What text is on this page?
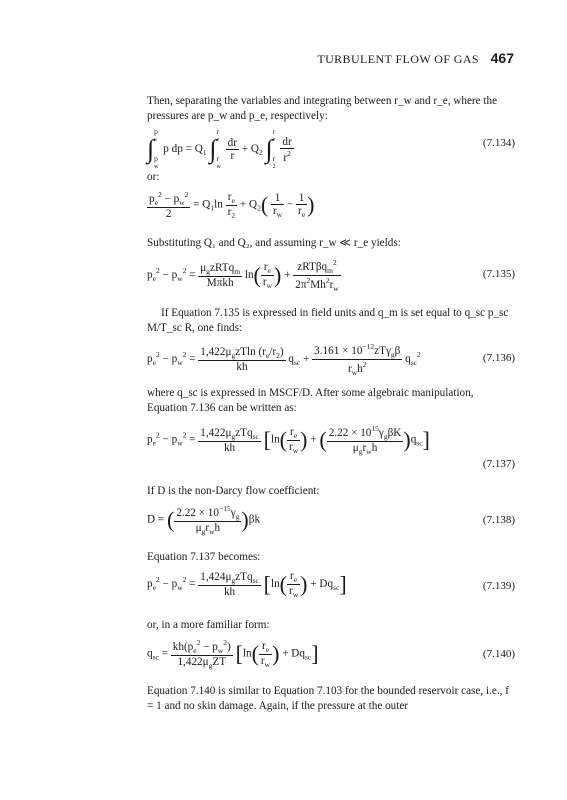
TURBULENT FLOW OF GAS 467
Then, separating the variables and integrating between r_w and r_e, where the pressures are p_w and p_e, respectively:
∫
p
e

p
w
p dp = $Q_1$ ∫
r
e

r
w

$\frac{dr}{r} + Q_2$ ∫
r
e

r
2

$\frac{dr}{r^2}$	(7.134)
or:
$\frac{p_e^2 - p_w^2}{2} = Q_1\ln \frac{r_e}{r_2} + Q_2( \frac{1}{r_w} - \frac{1}{r_e}$ )
Substituting Q₁ and Q₂, and assuming r_w ≪ r_e yields:
$p_e^2 - p_w^2 = \frac{\mu_gzRTq_m}{\text{Mπkh}} \ln( \frac{r_e}{r_w}$ ) + $\frac{zRT\beta q_m^2}{2\pi^2Mh^2r_w}$	(7.135)
If Equation 7.135 is expressed in field units and q_m is set equal to q_sc p_sc M/T_sc R, one finds:
$p_e^2 - p_w^2 = \frac{1,422\mu_gzTln (r_e/r_2)}{kh} q_{sc} + \frac{3.161 \times 10^{-12}zT\gamma_g\beta}{r_wh^2} q_{sc}^2$	(7.136)
where q_sc is expressed in MSCF/D. After some algebraic manipulation, Equation 7.136 can be written as:
$p_e^2 - p_w^2 = \frac{1,422\mu_gzTq_{sc}}{kh} [\ln( \frac{r_e}{r_w}$ ) + ( $\frac{2.22 \times 10^{15}\gamma_g\beta K}{\mu_gr_wh} )q_{sc}$]
(7.137)
If D is the non-Darcy flow coefficient:
D = ( $\frac{2.22 \times 10^{-15}\gamma_g}{\mu_gr_wh} )\beta k$	(7.138)
Equation 7.137 becomes:
$p_e^2 - p_w^2 = \frac{1,424\mu_gzTq_{sc}}{kh} [\ln( \frac{r_e}{r_w}$ ) + $Dq_{sc}$]	(7.139)
or, in a more familiar form:
$q_{sc} = \frac{kh(p_e^2 - p_w^2)}{1,422\mu_gZT} [\ln( \frac{r_e}{r_w}$ ) + $Dq_{sc}$]	(7.140)
Equation 7.140 is similar to Equation 7.103 for the bounded reservoir case, i.e., f = 1 and no skin damage. Again, if the pressure at the outer
